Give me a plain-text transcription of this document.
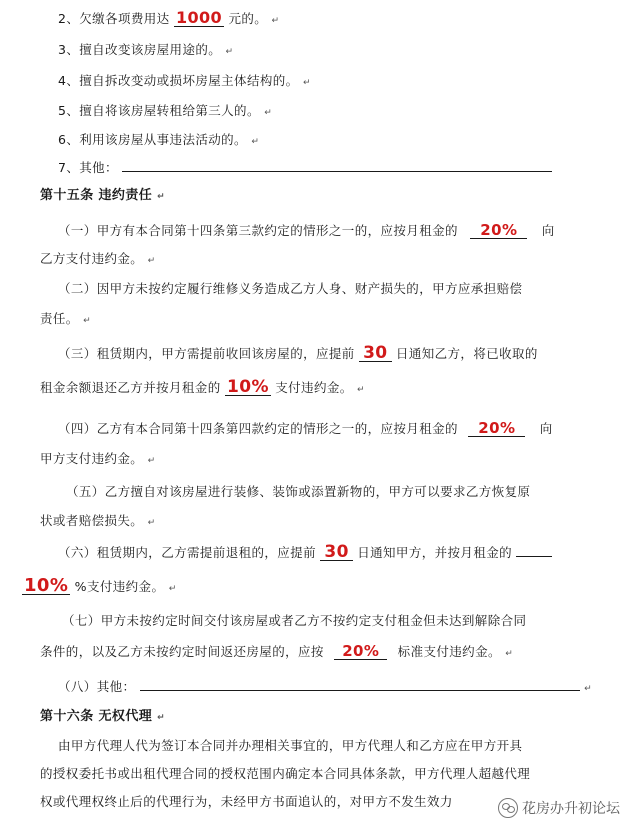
2、欠缴各项费用达 1000 元的。 ↵
3、擅自改变该房屋用途的。 ↵
4、擅自拆改变动或损坏房屋主体结构的。 ↵
5、擅自将该房屋转租给第三人的。 ↵
6、利用该房屋从事违法活动的。 ↵
7、其他：
第十五条 违约责任 ↵
（一）甲方有本合同第十四条第三款约定的情形之一的，应按月租金的 20% 向
乙方支付违约金。 ↵
（二）因甲方未按约定履行维修义务造成乙方人身、财产损失的，甲方应承担赔偿
责任。 ↵
（三）租赁期内，甲方需提前收回该房屋的，应提前 30 日通知乙方，将已收取的
租金余额退还乙方并按月租金的 10% 支付违约金。 ↵
（四）乙方有本合同第十四条第四款约定的情形之一的，应按月租金的 20% 向
甲方支付违约金。 ↵
（五）乙方擅自对该房屋进行装修、装饰或添置新物的，甲方可以要求乙方恢复原
状或者赔偿损失。 ↵
（六）租赁期内，乙方需提前退租的，应提前 30 日通知甲方，并按月租金的
10% %支付违约金。 ↵
（七）甲方未按约定时间交付该房屋或者乙方不按约定支付租金但未达到解除合同
条件的，以及乙方未按约定时间返还房屋的，应按 20% 标准支付违约金。 ↵
（八）其他：	↵
第十六条 无权代理 ↵
由甲方代理人代为签订本合同并办理相关事宜的，甲方代理人和乙方应在甲方开具
的授权委托书或出租代理合同的授权范围内确定本合同具体条款，甲方代理人超越代理
权或代理权终止后的代理行为，未经甲方书面追认的，对甲方不发生效力	花房办升初论坛
